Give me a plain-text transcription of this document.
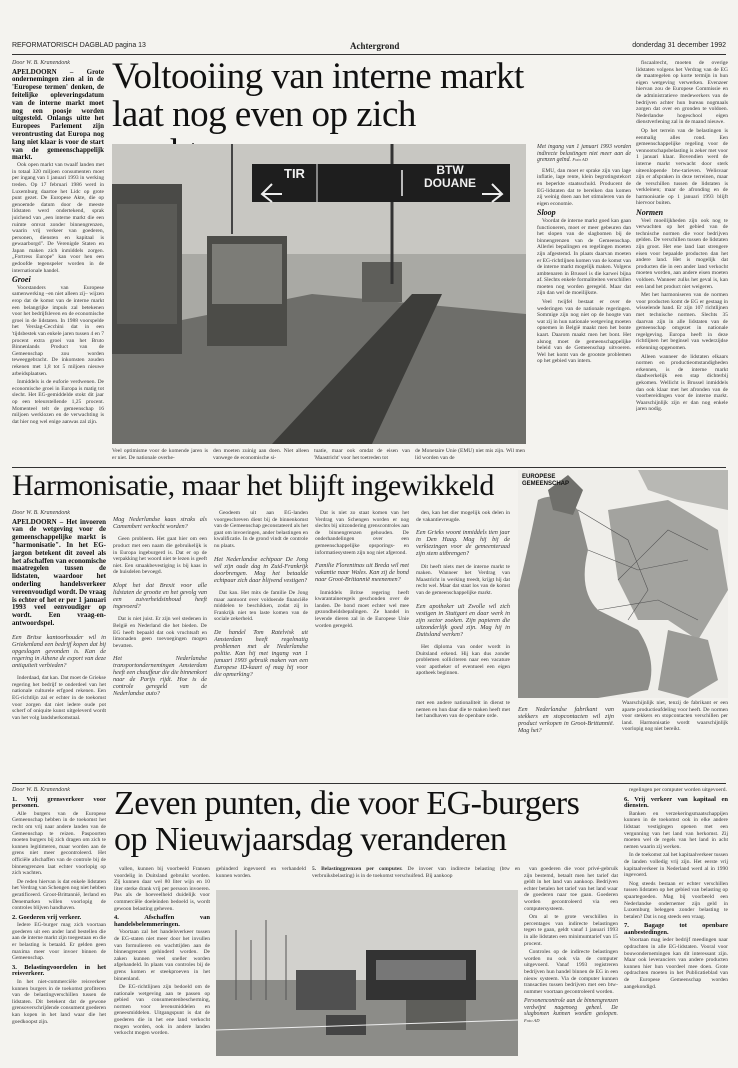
REFORMATORISCH DAGBLAD pagina 13	Achtergrond	donderdag 31 december 1992
Door W. B. Kranendonk
APELDOORN – Grote ondernemingen zien al in de 'Europese termen' denken, de feitelijke opleveringsdatum van de interne markt moet nog een poosje worden uitgesteld. Onlangs uitte het Europees Parlement zijn verontrusting dat Europa nog lang niet klaar is voor de start van de gemeenschappelijk markt.

Ook open markt van twaalf landen met in totaal 320 miljoen consumenten moet per ingang van 1 januari 1993 in werking treden. Op 17 februari 1986 werd in Luxemburg daartoe het Lidc op grote punt gezet. De Europese Akte, die op genoemde datum door de meeste lidstaten werd ondertekend, sprak juichend van „een interne markt die een ruimte omvat zonder binnengrenzen, waarin vrij verkeer van goederen, personen, diensten en kapitaal is gewaarborgd". De Verenigde Staten en Japan maken zich inmiddels zorgen. „Fortress Europe" kan voor hen een gedoofde tegenspeler worden in de internationale handel.

Groei

Voorstanders van Europese samenwerking –en niet alleen zíj– wijzen erop dat de komst van de interne markt een belangrijke impuls zal betekenen voor het bedrijfsleven en de economische groei in de lidstaten. In 1988 voorspelde het Verslag-Cecchini dat in een 'tijdsbestek van enkele jaren tussen 4 en 7 procent extra groei van het Bruto Binnenlands Product van de Gemeenschap zou worden teweeggebracht. De inkomsten zouden rekenen met 1,8 tot 5 miljoen nieuwe arbeidsplaatsen.

Inmiddels is de euforie verdwenen. De economische groei in Europa is matig tot slecht. Het EG-gemiddelde stokt dit jaar op een teleurstellende 1,25 procent. Momenteel telt de gemeenschap 16 miljoen werklozen en de verwachting is dat hier nog wel enige aanwas zal zijn.

Voltooiing van interne markt
laat nog even op zich
TIR	BTW
DOUANE
Veel optimisme voor de komende jaren is er niet. De nationale overhe-
den moeten zuinig aan doen. Niet alleen vanwege de economische si-
tuatie, maar ook omdat de eisen van 'Maastricht' voor het toetreden tot
de Monetaire Unie (EMU) niet mis zijn. Wil men lid worden van de
Met ingang van 1 januari 1993 worden indirecte belastingen niet meer aan de grenzen geïnd. Foto AD

EMU, dan moet er sprake zijn van lage inflatie, lage rente, klein begrotingstekort en beperkte staatsschuld. Producent de EG-lidstaten dat te bereiken dan komen zij weinig doen aan het stimuleren van de eigen economie.

Sloop

Voordat de interne markt goed kan gaan functioneren, moet er meer gebeuren dan het slopen van de slagbomen bij de binnengrenzen van de Gemeenschap. Allerlei bepalingen en regelingen moeten zijn afgestemd. In plaats daarvan moeten er EG-richtlijnen komen van de komst van de interne markt mogelijk maken. Volgens ambtenaren in Brussel is die karwei bijna af. Slechts enkele formaliteiten verschillen moeten nog worden geregeld. Maar dat zijn dan wel de moeilijkste.

Veel twijfel bestaat er over de wederingen van de nationale regeringen. Sommige zijn nog niet op de hoogte van wat zij in hun nationale wetgeving moeten opnemen in België maakt men het bonte kaart. Daarom maakt men het bont. Het alsnog moet de gemeenschappelijke beleid van de Gemeenschap uitvoeren. Wel het komt van de grootste problemen op het gebied van intern.

fiscaalrecht, moeten de overige lidstaten volgens het Verdrag van de EG de maatregelen op korte termijn in hun eigen wetgeving verwerken. Evenzeer hiervan zou de Europese Commissie en de administratieve medewerkers van de bedrijven achter hun bureau nogmaals zorgen dat over en gronden te voldoen. Nederlandse hogeschool eigen dienstverlening zal in de maand nieuwe.

Op het terrein van de belastingen is eenmalig alles rond. Een gemeenschappelijke regeling voor de vennootschapsbelasting is zeker met voor 1 januari klaar. Bovendien werd de interne markt verwacht door sterk uiteenlopende btw-tarieven. Welisvaar zijn er afspraken in deze terreinen, maar de verschillen tussen de lidstaten is verkleinen; maar de afronding en de harmonisatie op 1 januari 1993 blijft hiervoor buiten.

Normen

Veel moeilijkheden zijn ook nog te verwachten op het gebied van de technische normen die voor bedrijven gelden. De verschillen tussen de lidstaten zijn groot. Het ene land laat strengere eisen voor bepaalde producten dan het andere land. Het is mogelijk dat producten die in een ander land verkocht moeten worden, aan andere eisen moeten voldoen. Wanneer zulks het geval is, kan een land het product niet weigeren.

Met het harmoniseren van de normen voor producten komt de EG er gestaag in wisselende hand. Er zijn 107 richtlijnen met technische normen. Slechts 35 daarvan zijn in alle lidstaten van de gemeenschap omgezet in nationale regelgeving. Europa heeft in deze richtlijnen het beginsel van wederzijdse erkenning opgenomen.

Alleen wanneer de lidstaten elkaars normen en productieomstandigheden erkennen, is de interne markt daadwerkelijk een stap dichterbij gekomen. Wellicht is Brussel inmiddels dan ook klaar met het afronden van de voorbereidingen voor de interne markt. Waarschijnlijk zijn er dan nog enkele jaren nodig.

Harmonisatie, maar het blijft ingewikkeld
Door W. B. Kranendonk
APELDOORN – Het invoeren van de wetgeving voor de gemeenschappelijke markt is "harmonisatie". In het EG-jargon betekent dit zoveel als het afschaffen van economische maatregelen tussen de lidstaten, waardoor het onderling handelsverkeer vereenvoudigd wordt. De vraag is echter of het er per 1 januari 1993 veel eenvoudiger op wordt. Een vraag-en-antwoordspel.

Een Britse kantoorhouder wil in Griekenland een bedrijf kopen dat bij opgeslagen gevonden is. Kan de regering in Athene de export van deze antiquiteit verbieden?

Inderdaad, dat kan. Dat moet de Griekse regering het bedrijf te onderdeel van het nationale culturele erfgoed rekenen. Een EG-richtlijn zal er echter in de toekomst voor zorgen dat niet iedere oude pot scherf of oniquite kunst uitgeleverd wordt van het volg landsherkomstaal.

Mag Nederlandse kaas straks als Camembert verkocht worden?

Geen probleem. Het gaat hier om een product met een naam die gebruikelijk is in Europa ingeburgerd is. Dat er op de verpakking het woord niet te lezen is geeft niet. Een smaakbevestiging is bij kaas in de huisdelen bevoegd.

Klopt het dat Brexit voor alle lidstaten de grootte en het gevolg van een zuiverheidsinhoud heeft ingevoerd?

Dat is niet juist. Er zijn wel stedenen in België en Nederland die het bieden. De EG heeft bepaald dat ook vruchtsaft en limonaden geen toevoegingen mogen bevatten.

Het Nederlandse transportondernemingen Amsterdam heeft een chauffeur die die binnenkort naar de Parijs rijdt. Hoe is de controle geregeld van de Nederlandse auto?

Geodeem uit aan EG-landen voorgeschreven dient bij de binnenkomst van de Gemeenschap geconstateerd als het gaat om invoeringen, ander belastingen en kwalificatie. In de grond vindt de controle nu plaats.

Het Nederlandse echtpaar De Jong wil zijn oude dag in Zuid-Frankrijk doorbrengen. Mag het betaalde echtpaar zich daar blijvend vestigen?

Dat kan. Het mits de familie De Jong maar aantoont over voldoende financiële middelen te beschikken, zodat zij in Frankrijk niet ten laste komen van de sociale zekerheid.

De handel Tom Ratelvisk uit Amsterdam heeft regelmatig problemen met de Nederlandse politie. Kan hij met ingang van 1 januari 1993 gebruik maken van een Europese ID-kaart of mag hij voor die opmerking?

Dat is niet zo staat komen van het Verdrag van Schengen worden er nog slechts bij uitzondering grenscontroles aan de binnengrenzen gehouden. De onderhandelingen over een gemeenschappelijke opsporings- en informatiesysteem zijn nog niet afgerond.

Familie Florentinas uit Breda wil met vakantie naar Wales. Kan zij de hond naar Groot-Brittannië meenemen?

Inmiddels Britse regering heeft kwarantaineregels geschonden over de landen. De hond moet echter wel mee gezondheidsbepalingen. Ze handel in levende dieren zal in de Europese Unie worden geregeld.

den, kan het dier mogelijk ook delen in de vakantievreugde.

Een Grieks woont inmiddels tien jaar in Den Haag. Mag hij bij de verkiezingen voor de gemeenteraad zijn stem uitbrengen?

Dit heeft niets met de interne markt te maken. Wanneer het Verdrag van Maastricht in werking treedt, krijgt hij dat recht wel. Maar dat staat los van de komst van de gemeenschappelijke markt.

Een apotheker uit Zwolle wil zich vestigen in Stuttgart en daar werk in zijn sector zoeken. Zijn papieren die uitzonderlijk goed zijn. Mag hij in Duitsland werken?

Het diploma van onder wordt in Duitsland erkend. Hij kan dus zonder problemen solliciteren naar een vacature voor apotheker of eventueel een eigen apotheek beginnen.

EUROPESE
GEMEENSCHAP
met een andere nationaliteit in dienst te nemen en hun daar die te maken heeft met het handhaven van de openbare orde.

Een Nederlandse fabrikant van stekkers en stopcontacten wil zijn product verkopen in Groot-Brittannië. Mag het?

Waarschijnlijk niet, tenzij de fabrikant er een aparte productieafdeling voor heeft. De normen voor stekkers en stopcontacten verschillen per land. Harmonisatie wordt waarschijnlijk voorlopig nog niet bereikt.
Door W. B. Kranendonk
1. Vrij grensverkeer voor personen.

Alle burgers van de Europese Gemeenschap hebben in de toekomst het recht om vrij naar andere landen van de Gemeenschap te reizen. Paspoorten moeten burgers bij zich dragen om zich te kunnen legitimeren, maar worden aan de grens niet meer gecontroleerd. Het officiële afschaffen van de controle bij de binnengrenzen laat echter voorlopig op zich wachten.

De reden hiervan is dat enkele lidstaten het Verdrag van Schengen nog niet hebben geratificeerd. Groot-Brittannië, Ierland en Denemarken willen voorlopig de controles blijven handhaven.

2. Goederen vrij verkeer.

Iedere EG-burger mag zich voortaan goederen uit een ander land bestellen die aan de interne markt zijn toegestaan en die er belasting is betaald. Er gelden geen maxima meer voor invoer binnen de Gemeenschap.

3. Belastingvoordelen in het reisverkeer.

In het niet-commerciële reisverkeer kunnen burgers in de toekomst profiteren van de belastingverschillen tussen de lidstaten. Dit betekent dat de gewone grensoverschrijdende consument goederen kan kopen in het land waar die het goedkoopst zijn.

Zeven punten, die voor EG-burgers
op Nieuwjaarsdag veranderen

vallen, kunnen bij voorbeeld Fransen voordelig in Duitsland gebruikt worden. Zij kunnen daar wel 80 liter wijn en 10 liter sterke drank vrij per persoon invoeren. Pas als de hoeveelheid duidelijk voor commerciële doeleinden bedoeld is, wordt gewoon belasting geheven.

4. Afschaffen van handelsbelemmeringen.

Voortaan zal het handelsverkeer tussen de EG-staten niet meer door het invullen van formulieren en wachttijden aan de binnengrenzen gehinderd worden. De zaken kunnen veel sneller worden afgehandeld. In plaats van controles bij de grens komen er steekproeven in het binnenland.

De EG-richtlijnen zijn bedoeld om de nationale wetgeving aan te passen op gebied van consumentenbescherming, normen voor levensmiddelen en geneesmiddelen. Uitgangspunt is dat de goederen die in het ene land verkocht mogen worden, ook in andere landen verkocht mogen worden.

gehinderd ingevoerd en verhandeld kunnen worden.
5. Belastinggrenzen per computer. De invoer van indirecte belasting (btw en verbruiksbelasting) is in de toekomst verschuifend. Bij aankoop

van goederen die voor privé-gebruik zijn bestemd, betaalt men het tarief dat geldt in het land van aankoop. Bedrijven echter betalen het tarief van het land waar de goederen naar toe gaan. Goederen worden gecontroleerd via een computersysteem.

Om al te grote verschillen in percentages van indirecte belastingen tegen te gaan, geldt vanaf 1 januari 1993 in alle lidstaten een minimumtarief van 15 procent.

Controles op de indirecte belastingen worden nu ook via de computer uitgevoerd. Vanaf 1993 registreren bedrijven hun handel binnen de EG in een nieuw systeem. Via de computer kunnen transacties tussen bedrijven met een btw-nummer voortaan gecontroleerd worden.

Personencontrole aan de binnengrenzen verdwijnt nagenoeg geheel. De slagbomen kunnen worden geslopen. Foto AD

regelingen per computer worden uitgevoerd.

6. Vrij verkeer van kapitaal en diensten.

Banken en verzekeringsmaatschappijen kunnen in de toekomst ook in elke andere lidstaat vestigingen openen met een vergunning van het land van herkomst. Zij moeten wel de regels van het land in acht nemen waarin zij werken.

In de toekomst zal het kapitaalverkeer tussen de landen volledig vrij zijn. Het eerste vrij kapitaalverkeer in Nederland werd al in 1990 ingevoerd.

Nog steeds bestaan er echter verschillen tussen lidstaten op het gebied van belasting op spaartegoeden. Mag bij voorbeeld een Nederlandse ondernemer zijn geld in Luxemburg beleggen zonder belasting te betalen? Dat is nog steeds een vraag.

7. Bagage tot openbare aanbestedingen.

Voortaan mag ieder bedrijf meedingen naar opdrachten in alle EG-lidstaten. Vooral voor bouwondernemingen kan dit interessant zijn. Maar ook leveranciers van andere producten kunnen hier hun voordeel mee doen. Grote opdrachten moeten in het Publicatieblad van de Europese Gemeenschap worden aangekondigd.
